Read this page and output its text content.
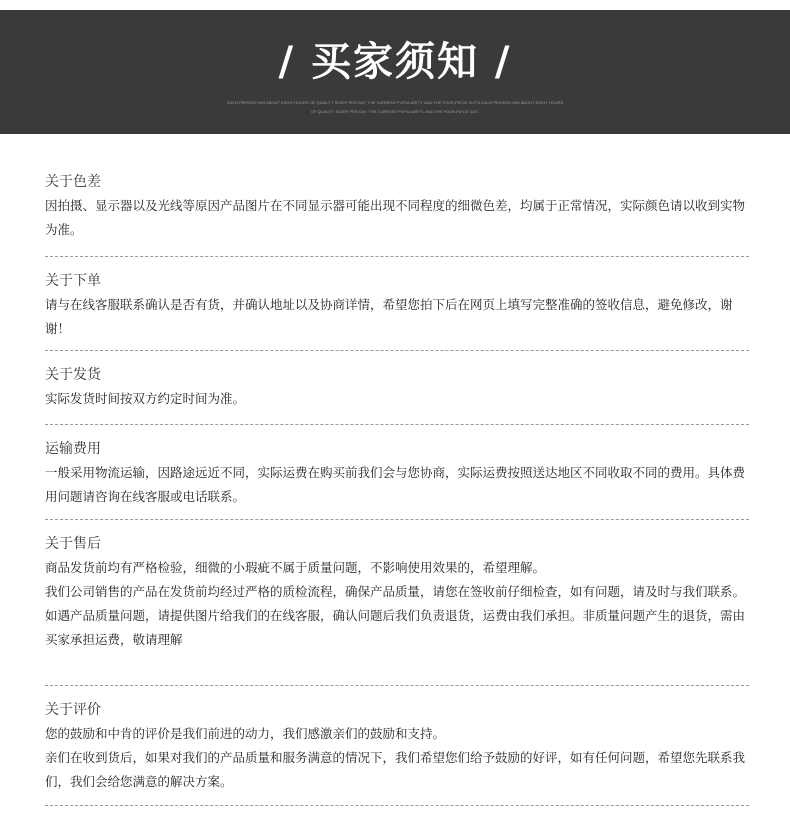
/ 买家须知 /
EACH PERSON HAS ABOUT EIGHT HOURS OF QUALITY SLEEP PER DAY, THE CURRENT POPULARITY, AND THE FOUR-PIECE SUITS EACH PERSON HAS ABOUT EIGHT HOURS
OF QUALITY SLEEP PER DAY, THE CURRENT POPULARITY, AND THE FOUR-PIECE SUIT.
关于色差

因拍摄、显示器以及光线等原因产品图片在不同显示器可能出现不同程度的细微色差，均属于正常情况，实际颜色请以收到实物为准。

关于下单

请与在线客服联系确认是否有货，并确认地址以及协商详情，希望您拍下后在网页上填写完整准确的签收信息，避免修改，谢谢！

关于发货

实际发货时间按双方约定时间为准。

运输费用

一般采用物流运输，因路途远近不同，实际运费在购买前我们会与您协商，实际运费按照送达地区不同收取不同的费用。具体费用问题请咨询在线客服或电话联系。

关于售后

商品发货前均有严格检验，细微的小瑕疵不属于质量问题，不影响使用效果的，希望理解。

我们公司销售的产品在发货前均经过严格的质检流程，确保产品质量，请您在签收前仔细检查，如有问题，请及时与我们联系。

如遇产品质量问题，请提供图片给我们的在线客服，确认问题后我们负责退货，运费由我们承担。非质量问题产生的退货，需由买家承担运费，敬请理解

关于评价

您的鼓励和中肯的评价是我们前进的动力，我们感激亲们的鼓励和支持。

亲们在收到货后，如果对我们的产品质量和服务满意的情况下，我们希望您们给予鼓励的好评，如有任何问题，希望您先联系我们，我们会给您满意的解决方案。
